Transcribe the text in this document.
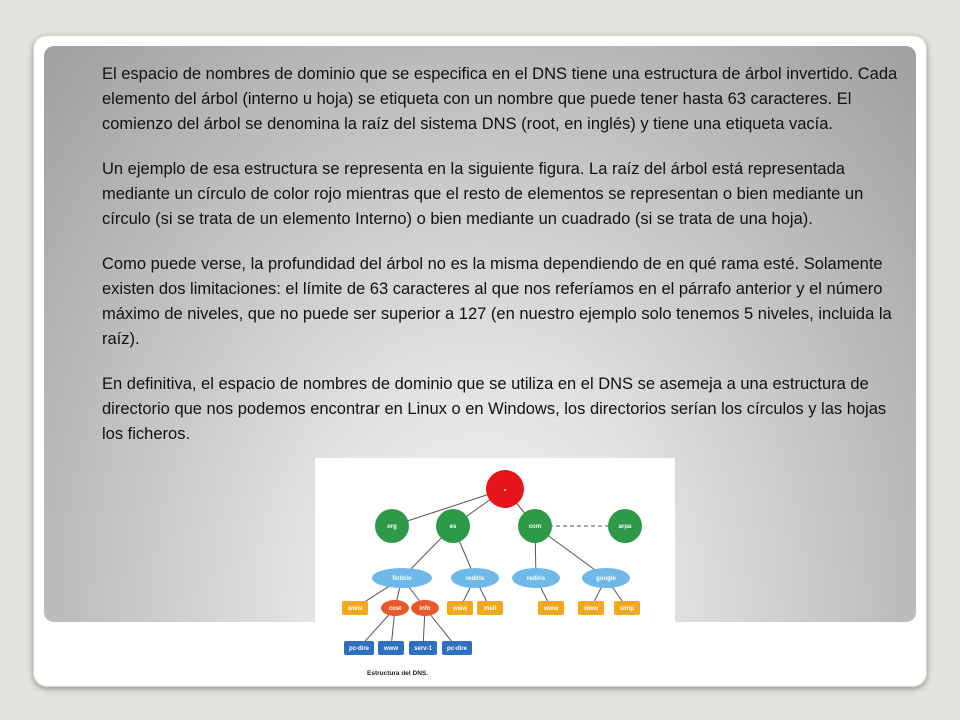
El espacio de nombres de dominio que se especifica en el DNS tiene una estructura de árbol invertido. Cada elemento del árbol (interno u hoja) se etiqueta con un nombre que puede tener hasta 63 caracteres. El comienzo del árbol se denomina la raíz del sistema DNS (root, en inglés) y tiene una etiqueta vacía.

Un ejemplo de esa estructura se representa en la siguiente figura. La raíz del árbol está representada mediante un círculo de color rojo mientras que el resto de elementos se representan o bien mediante un círculo (si se trata de un elemento Interno) o bien mediante un cuadrado (si se trata de una hoja).

Como puede verse, la profundidad del árbol no es la misma dependiendo de en qué rama esté. Solamente existen dos limitaciones: el límite de 63 caracteres al que nos referíamos en el párrafo anterior y el número máximo de niveles, que no puede ser superior a 127 (en nuestro ejemplo solo tenemos 5 niveles, incluida la raíz).

En definitiva, el espacio de nombres de dominio que se utiliza en el DNS se asemeja a una estructura de directorio que nos podemos encontrar en Linux o en Windows, los directorios serían los círculos y las hojas los ficheros.

•
org	es	com	arpa
ficticio	rediris	rediris	google
www	cost	info	www	mail	www	www	smtp
pc-dire www	serv-1	pc-dire
Estructura del DNS.
